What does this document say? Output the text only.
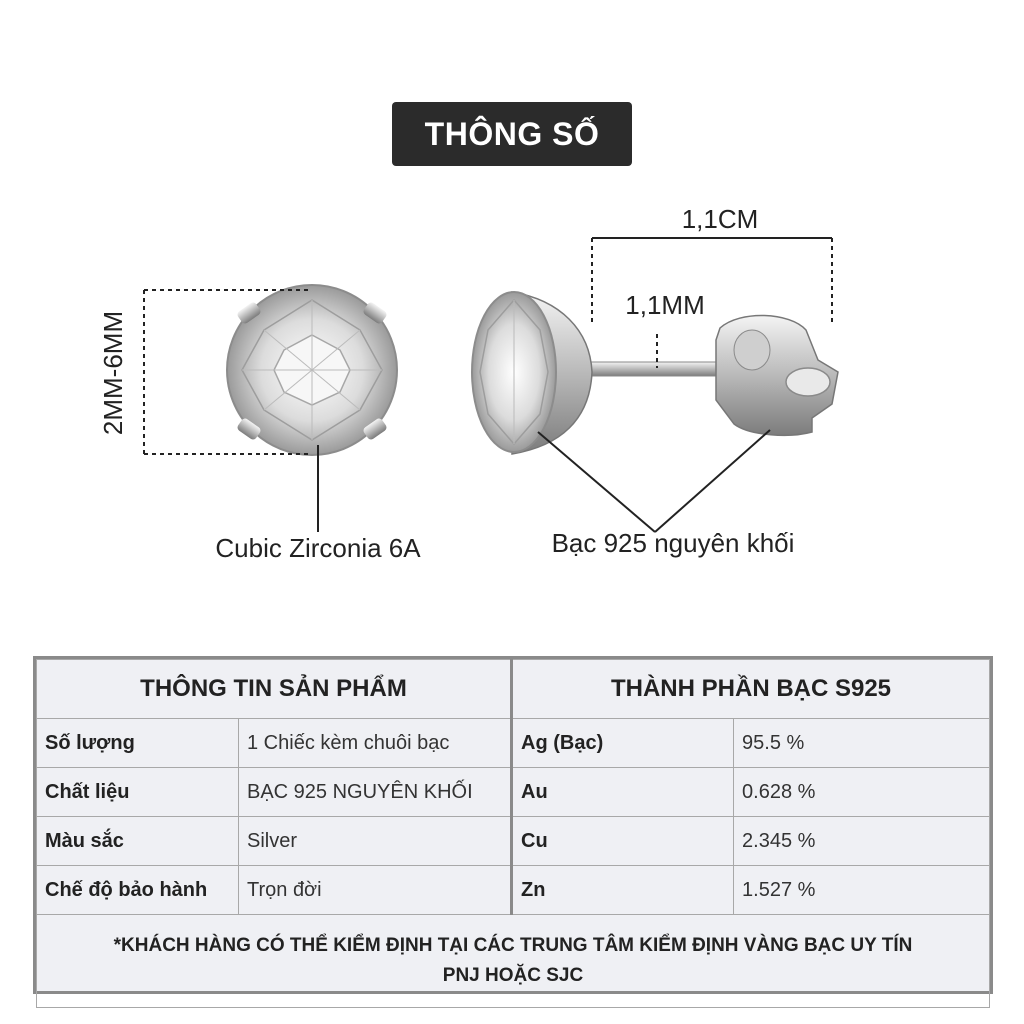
THÔNG SỐ
2MM-6MM
Cubic Zirconia 6A
1,1CM
1,1MM
Bạc 925 nguyên khối
THÔNG TIN SẢN PHẨM		THÀNH PHẦN BẠC S925	
Số lượng	1 Chiếc kèm chuôi bạc	Ag (Bạc)	95.5 %
Chất liệu	BẠC 925 NGUYÊN KHỐI	Au	0.628 %
Màu sắc	Silver	Cu	2.345 %
Chế độ bảo hành	Trọn đời	Zn	1.527 %

*KHÁCH HÀNG CÓ THỂ KIỂM ĐỊNH TẠI CÁC TRUNG TÂM KIỂM ĐỊNH VÀNG BẠC UY TÍN
PNJ HOẶC SJC			
